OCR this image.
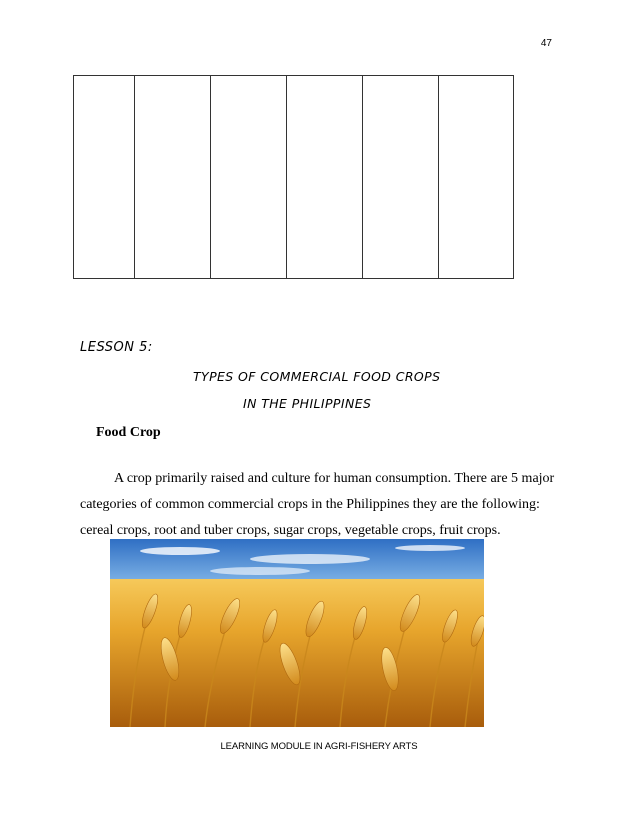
47

LESSON 5:
TYPES OF COMMERCIAL FOOD CROPS
IN THE PHILIPPINES
Food Crop

A crop primarily raised and culture for human consumption. There are 5 major categories of common commercial crops in the Philippines they are the following: cereal crops, root and tuber crops, sugar crops, vegetable crops, fruit crops.

LEARNING MODULE IN AGRI-FISHERY ARTS
